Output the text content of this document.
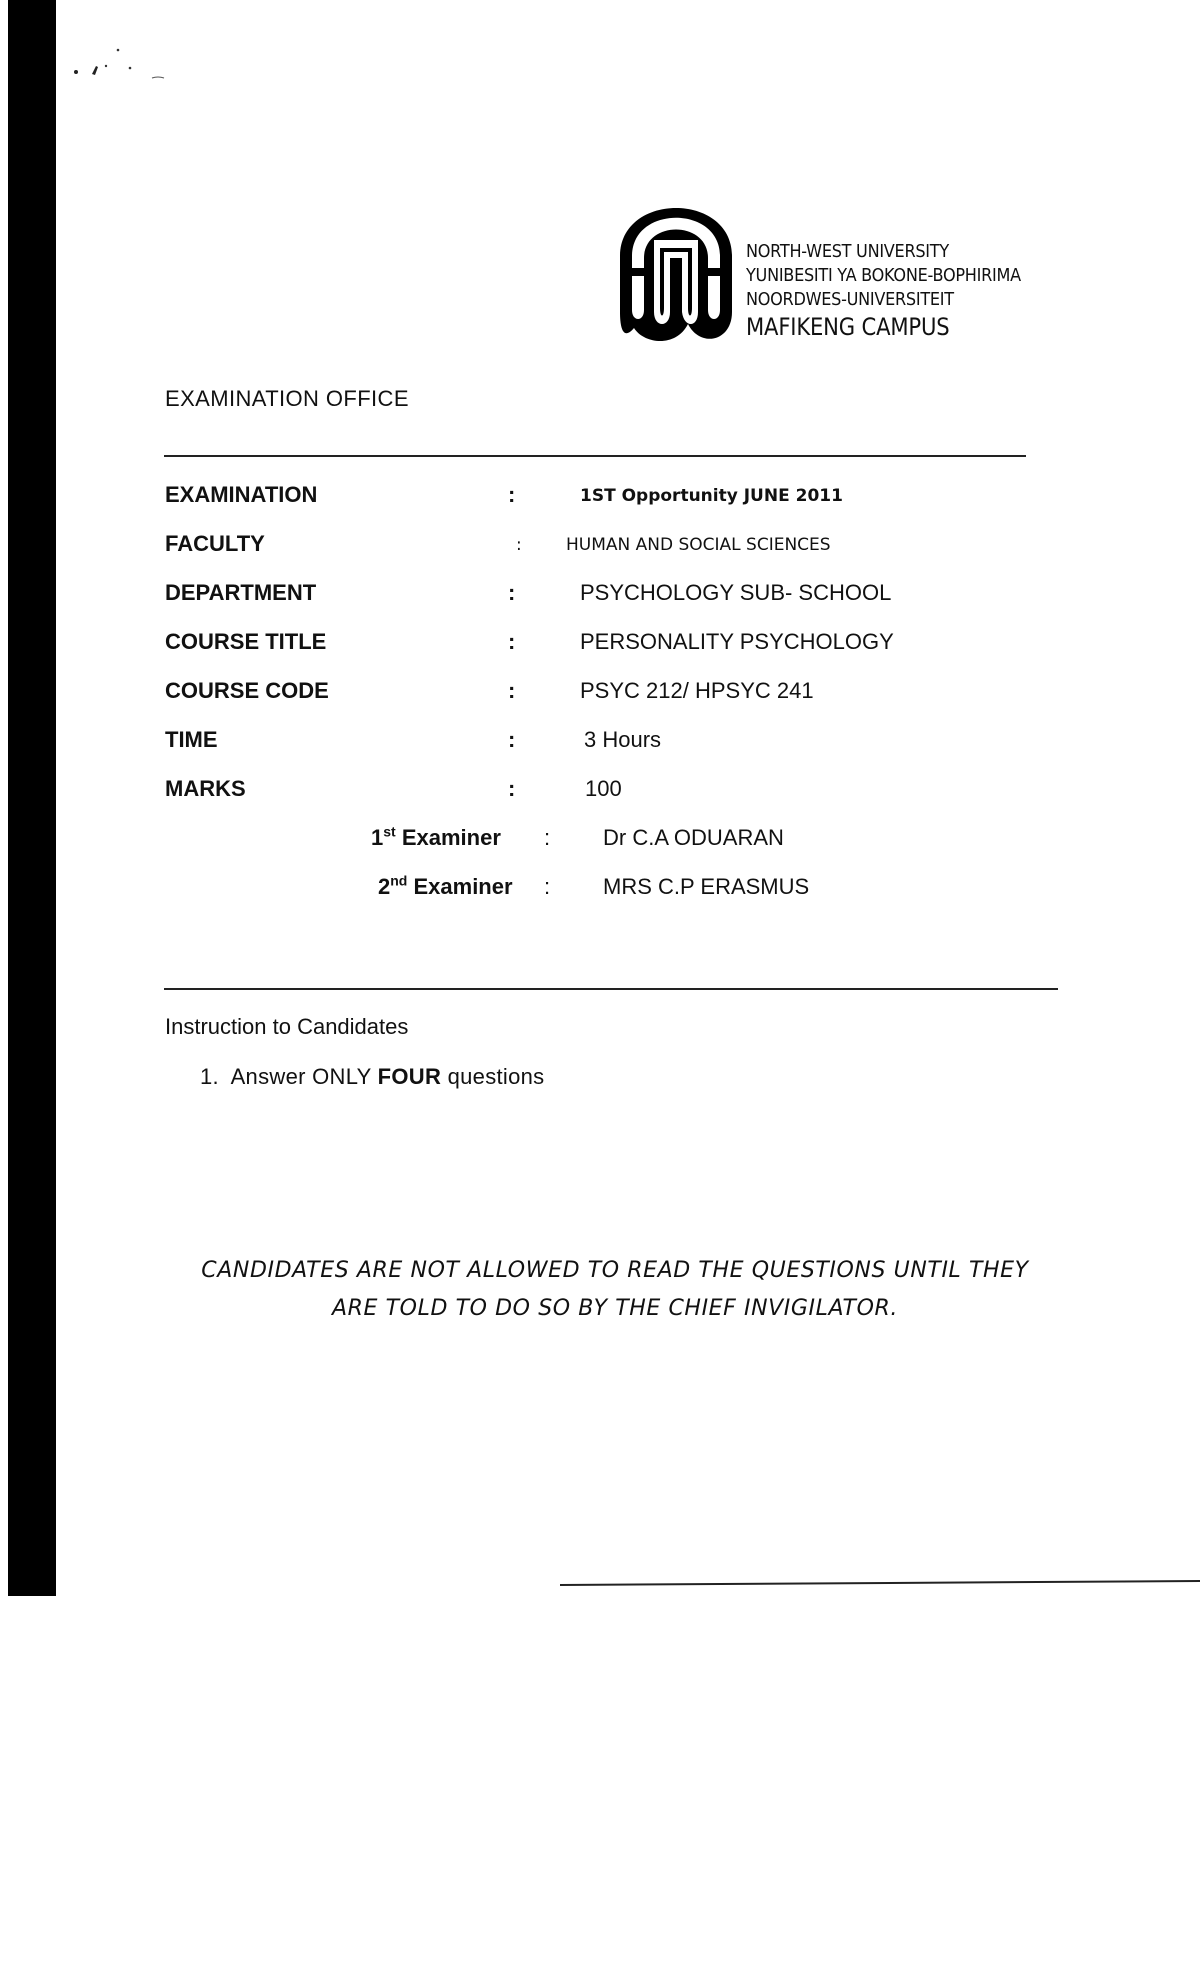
NORTH-WEST UNIVERSITY
YUNIBESITI YA BOKONE-BOPHIRIMA
NOORDWES-UNIVERSITEIT
MAFIKENG CAMPUS
EXAMINATION OFFICE
EXAMINATION	:	1ST Opportunity JUNE 2011
FACULTY	:	HUMAN AND SOCIAL SCIENCES
DEPARTMENT	:	PSYCHOLOGY SUB- SCHOOL
COURSE TITLE	:	PERSONALITY PSYCHOLOGY
COURSE CODE	:	PSYC 212/ HPSYC 241
TIME	:	3 Hours
MARKS	:	100
1st Examiner : Dr C.A ODUARAN
2nd Examiner : MRS C.P ERASMUS
Instruction to Candidates
1. Answer ONLY FOUR questions
CANDIDATES ARE NOT ALLOWED TO READ THE QUESTIONS UNTIL THEY
ARE TOLD TO DO SO BY THE CHIEF INVIGILATOR.
